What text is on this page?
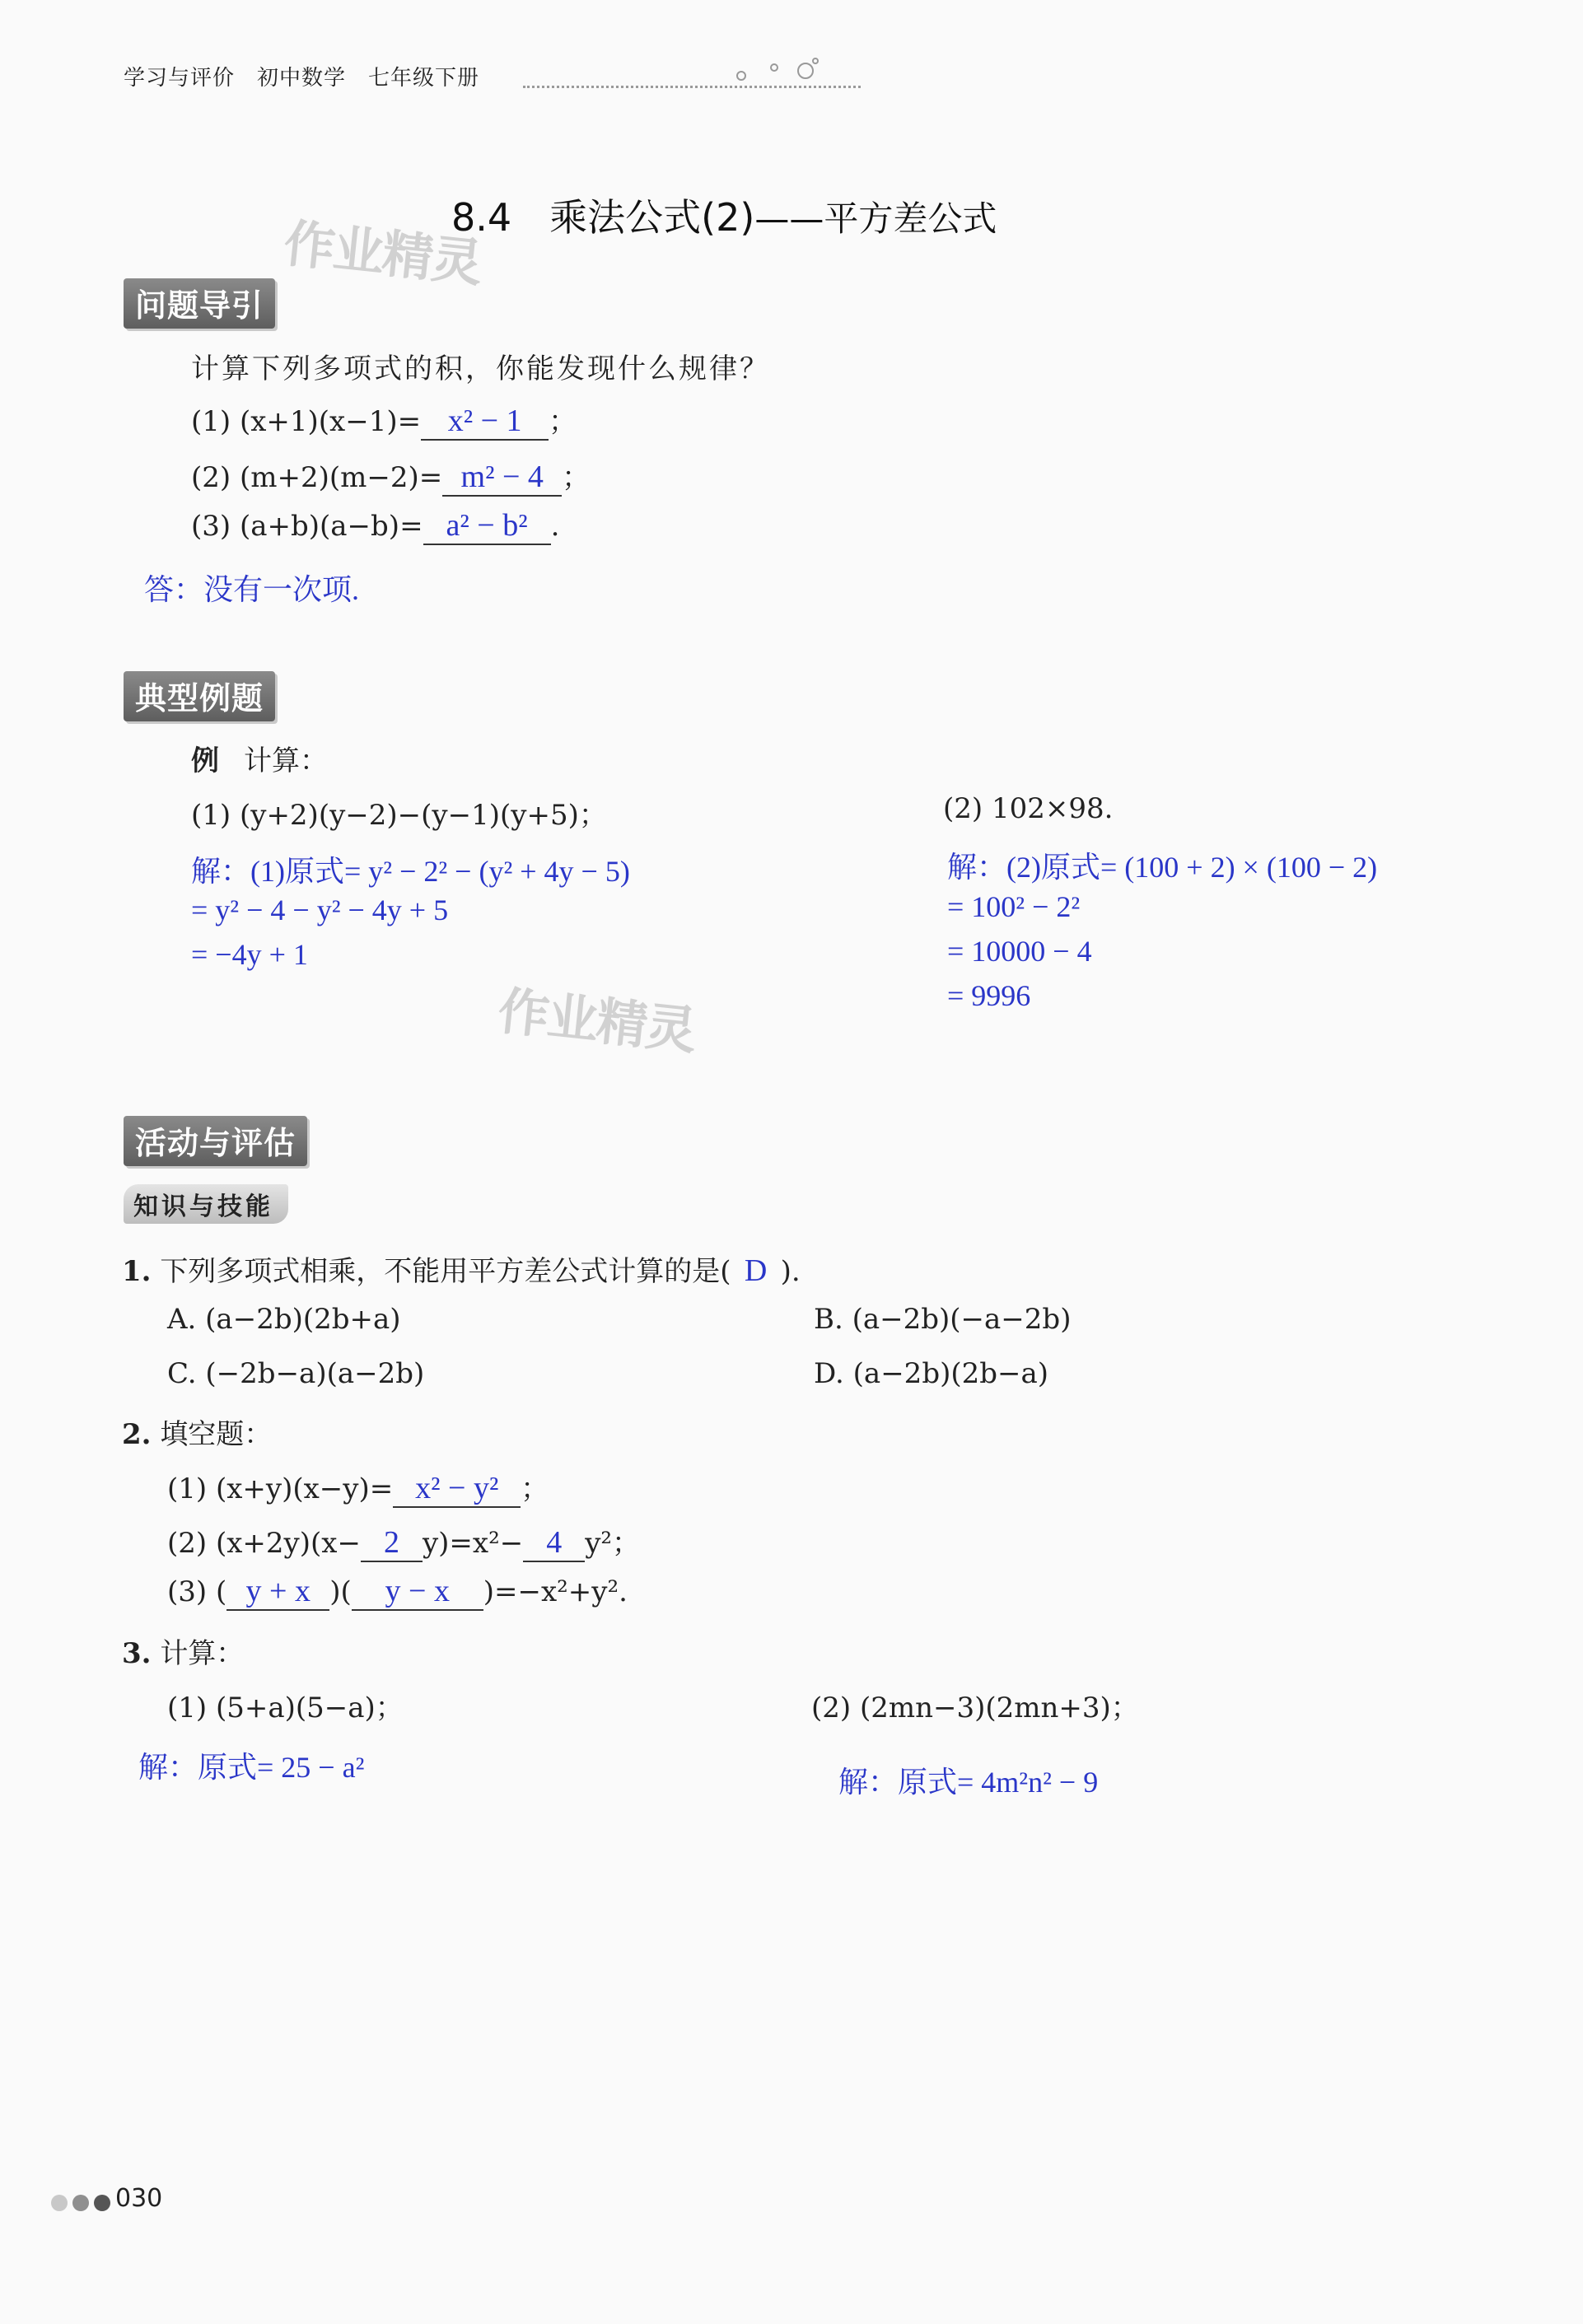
学习与评价　初中数学　七年级下册
8.4　乘法公式(2)——平方差公式
作业精灵
问题导引
计算下列多项式的积，你能发现什么规律？
(1) (x+1)(x−1)= x² − 1 ；
(2) (m+2)(m−2)= m² − 4 ；
(3) (a+b)(a−b)= a² − b² .
答：没有一次项.
典型例题
例 计算：
(1) (y+2)(y−2)−(y−1)(y+5)；	(2) 102×98.
解：(1)原式= y² − 2² − (y² + 4y − 5)
= y² − 4 − y² − 4y + 5
= −4y + 1
解：(2)原式= (100 + 2) × (100 − 2)
= 100² − 2²
= 10000 − 4
= 9996
作业精灵
活动与评估
知识与技能
1. 下列多项式相乘，不能用平方差公式计算的是( D ).
A. (a−2b)(2b+a)	B. (a−2b)(−a−2b)
C. (−2b−a)(a−2b)	D. (a−2b)(2b−a)
2. 填空题：
(1) (x+y)(x−y)= x² − y² ；
(2) (x+2y)(x− 2 y)=x²− 4 y²；
(3) ( y + x )( y − x )=−x²+y².
3. 计算：
(1) (5+a)(5−a)；	(2) (2mn−3)(2mn+3)；
解：原式= 25 − a²	解：原式= 4m²n² − 9
030
